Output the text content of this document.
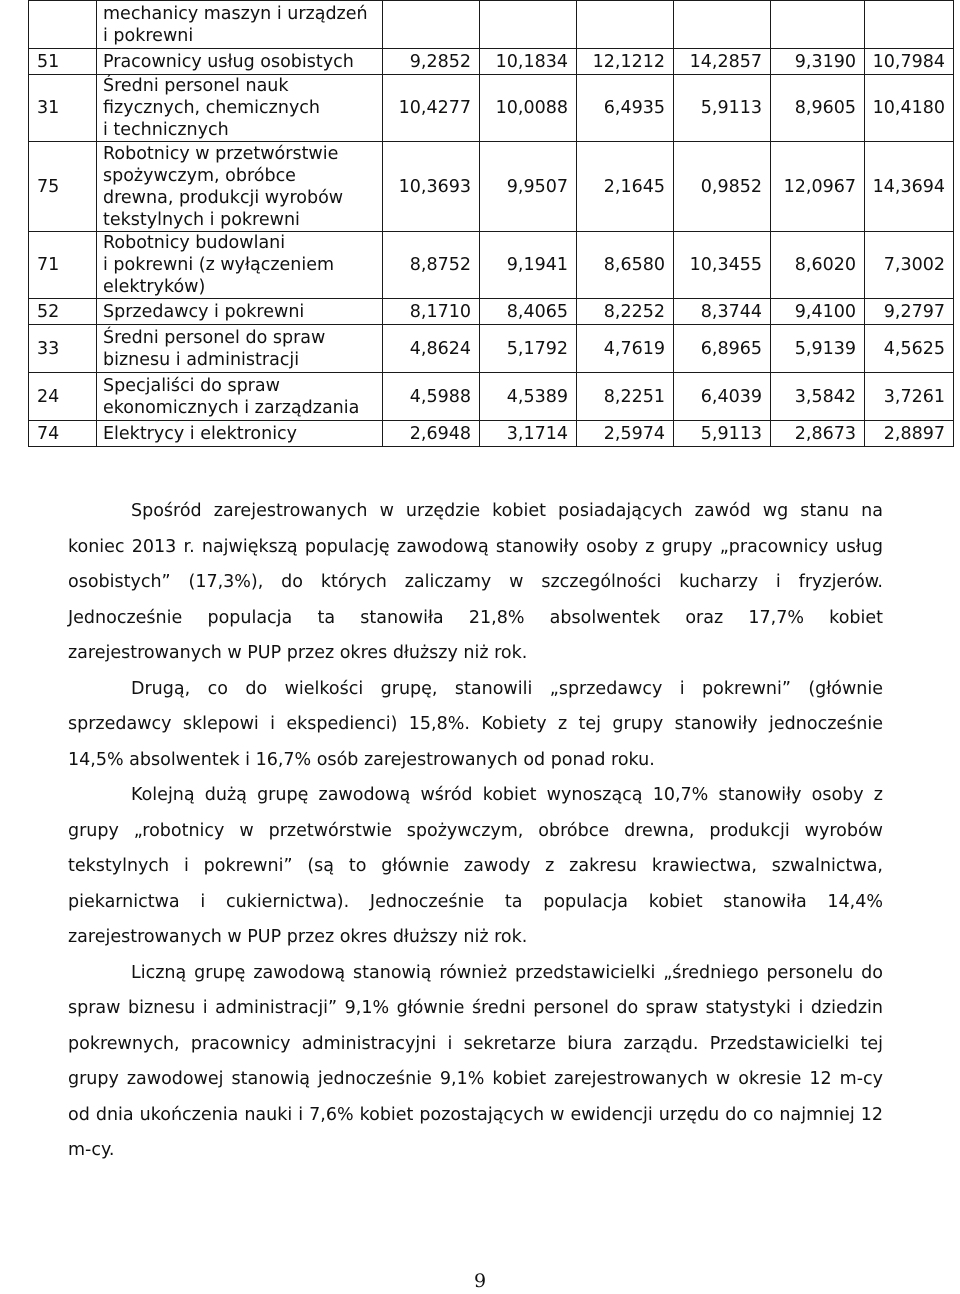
	mechanicy maszyn i urządzeń
i pokrewni						
51	Pracownicy usług osobistych	9,2852	10,1834	12,1212	14,2857	9,3190	10,7984
31	Średni personel nauk
fizycznych, chemicznych
i technicznych	10,4277	10,0088	6,4935	5,9113	8,9605	10,4180
75	Robotnicy w przetwórstwie
spożywczym, obróbce
drewna, produkcji wyrobów
tekstylnych i pokrewni	10,3693	9,9507	2,1645	0,9852	12,0967	14,3694
71	Robotnicy budowlani
i pokrewni (z wyłączeniem
elektryków)	8,8752	9,1941	8,6580	10,3455	8,6020	7,3002
52	Sprzedawcy i pokrewni	8,1710	8,4065	8,2252	8,3744	9,4100	9,2797
33	Średni personel do spraw
biznesu i administracji	4,8624	5,1792	4,7619	6,8965	5,9139	4,5625
24	Specjaliści do spraw
ekonomicznych i zarządzania	4,5988	4,5389	8,2251	6,4039	3,5842	3,7261
74	Elektrycy i elektronicy	2,6948	3,1714	2,5974	5,9113	2,8673	2,8897

Spośród zarejestrowanych w urzędzie kobiet posiadających zawód wg stanu na koniec 2013 r. największą populację zawodową stanowiły osoby z grupy „pracownicy usług osobistych” (17,3%), do których zaliczamy w szczególności kucharzy i fryzjerów. Jednocześnie populacja ta stanowiła 21,8% absolwentek oraz 17,7% kobiet zarejestrowanych w PUP przez okres dłuższy niż rok.

Drugą, co do wielkości grupę, stanowili „sprzedawcy i pokrewni” (głównie sprzedawcy sklepowi i ekspedienci) 15,8%. Kobiety z tej grupy stanowiły jednocześnie 14,5% absolwentek i 16,7% osób zarejestrowanych od ponad roku.

Kolejną dużą grupę zawodową wśród kobiet wynoszącą 10,7% stanowiły osoby z grupy „robotnicy w przetwórstwie spożywczym, obróbce drewna, produkcji wyrobów tekstylnych i pokrewni” (są to głównie zawody z zakresu krawiectwa, szwalnictwa, piekarnictwa i cukiernictwa). Jednocześnie ta populacja kobiet stanowiła 14,4% zarejestrowanych w PUP przez okres dłuższy niż rok.

Liczną grupę zawodową stanowią również przedstawicielki „średniego personelu do spraw biznesu i administracji” 9,1% głównie średni personel do spraw statystyki i dziedzin pokrewnych, pracownicy administracyjni i sekretarze biura zarządu. Przedstawicielki tej grupy zawodowej stanowią jednocześnie 9,1% kobiet zarejestrowanych w okresie 12 m-cy od dnia ukończenia nauki i 7,6% kobiet pozostających w ewidencji urzędu do co najmniej 12 m-cy.

9
